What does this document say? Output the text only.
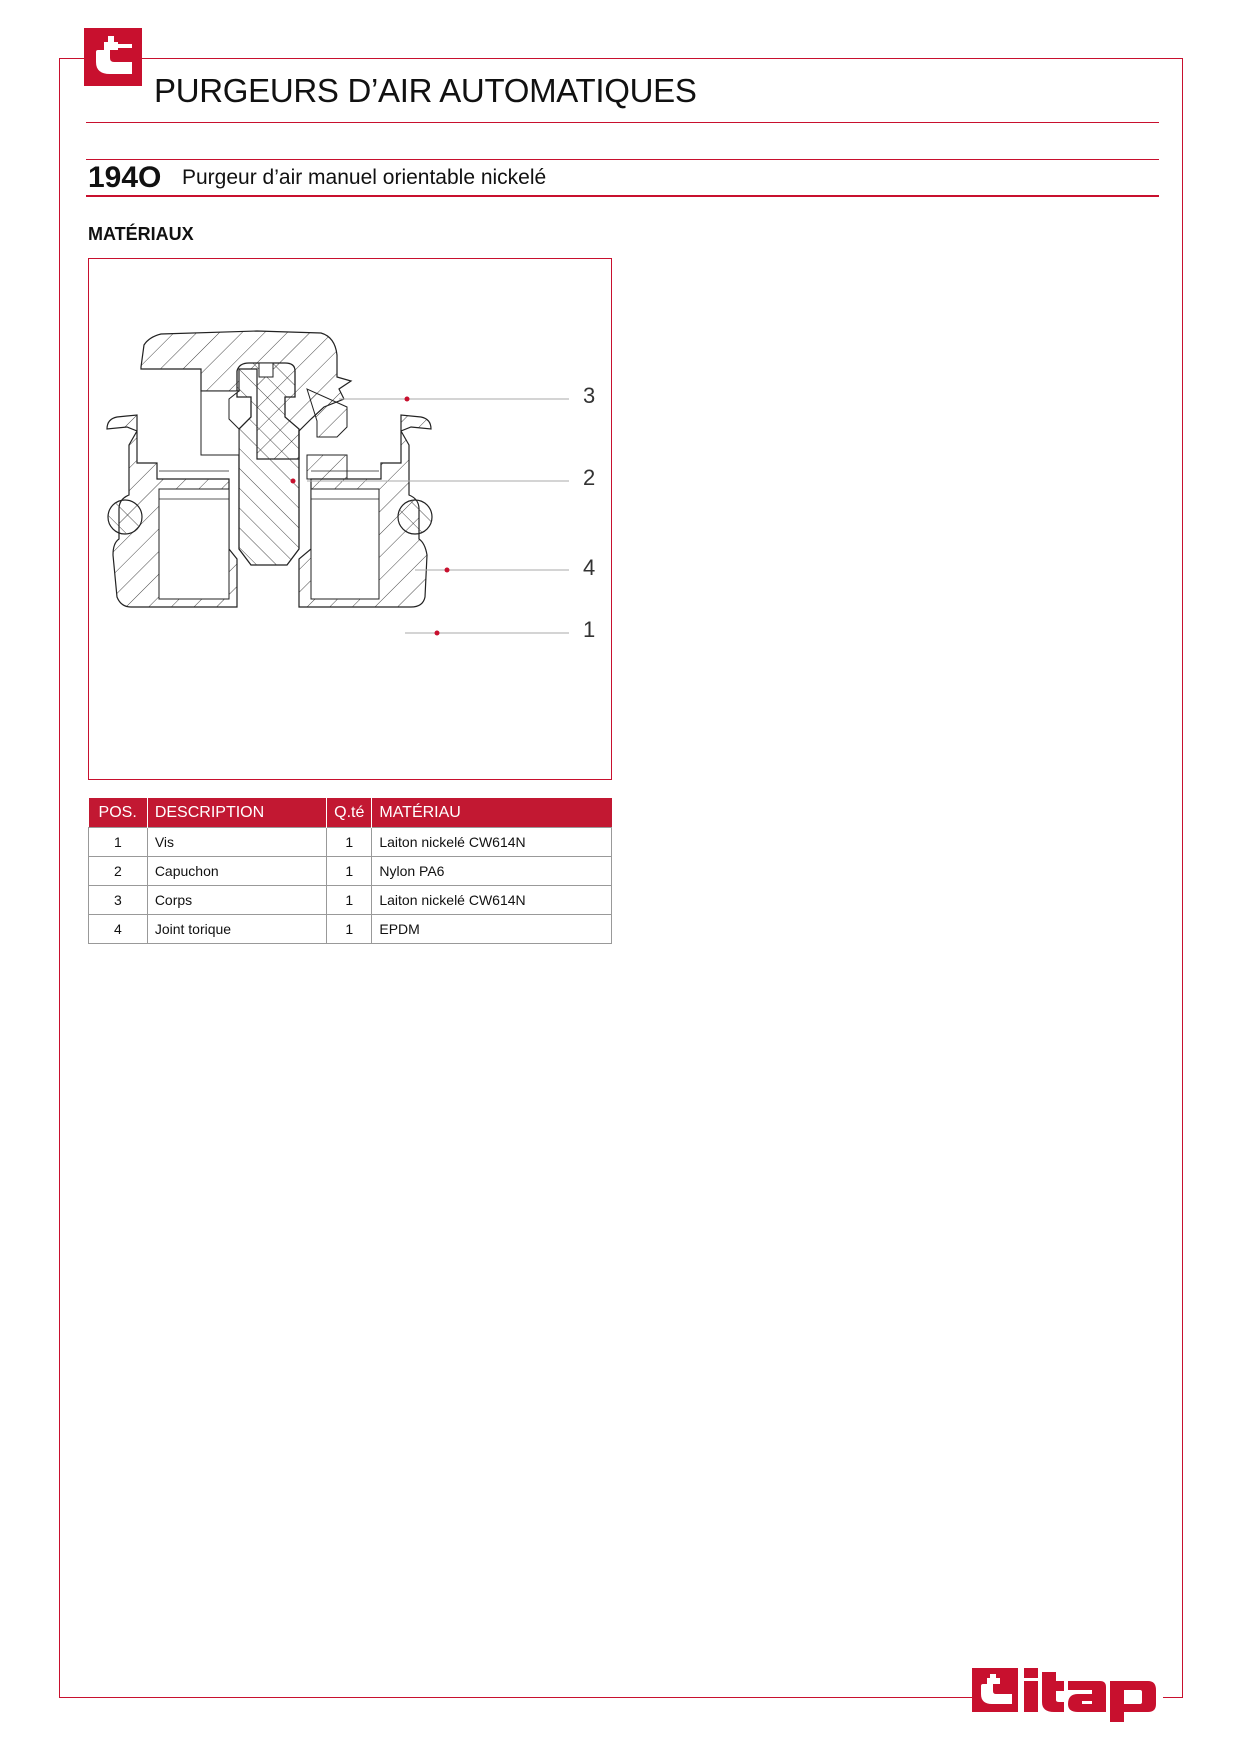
PURGEURS D’AIR AUTOMATIQUES
194O Purgeur d’air manuel orientable nickelé
MATÉRIAUX
3
2
4
1
POS.	DESCRIPTION	Q.té	MATÉRIAU
1	Vis	1	Laiton nickelé CW614N
2	Capuchon	1	Nylon PA6
3	Corps	1	Laiton nickelé CW614N
4	Joint torique	1	EPDM
